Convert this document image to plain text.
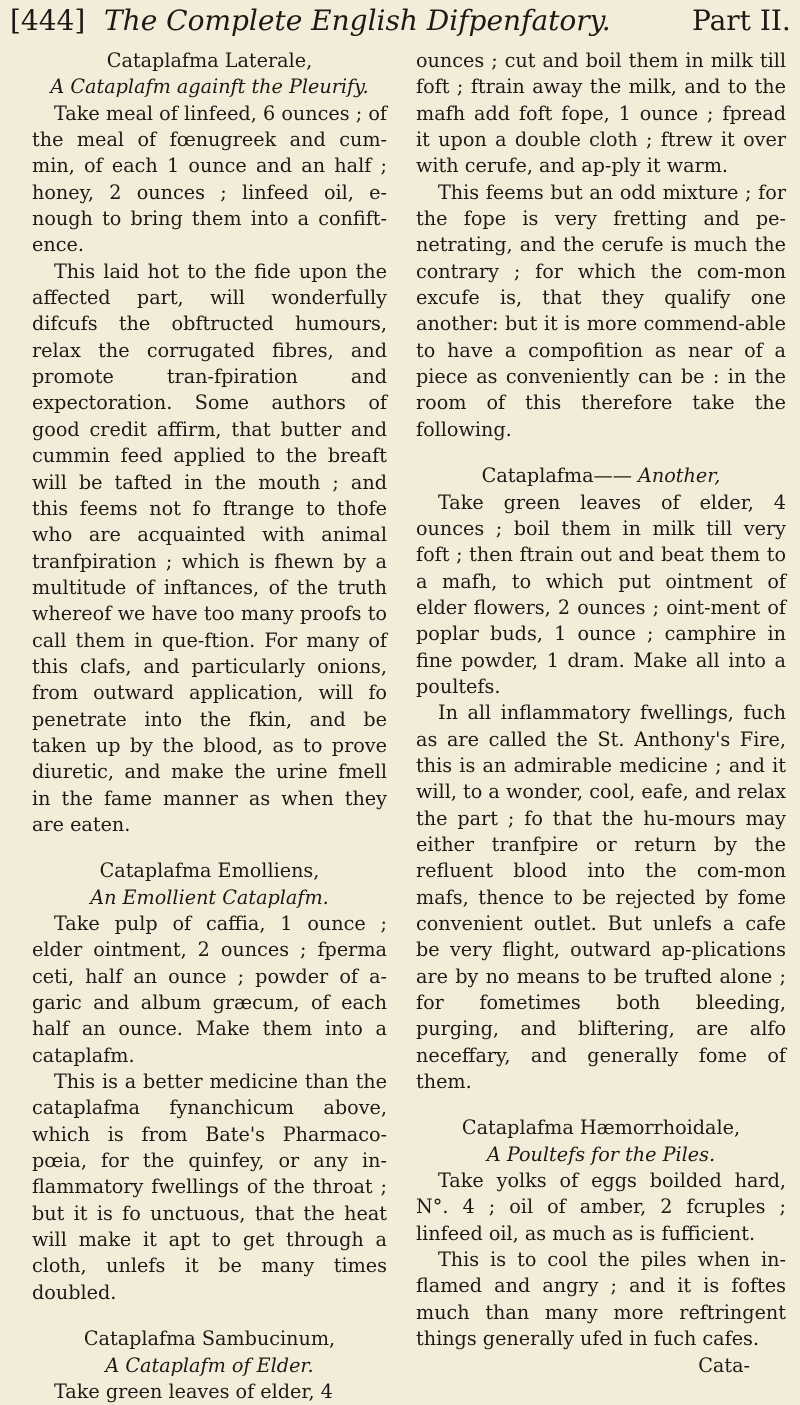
[444] The Complete English Difpenfatory.	Part II.

Cataplafma Laterale,

A Cataplafm againft the Pleurify.

Take meal of linfeed, 6 ounces ; of the meal of fœnugreek and cum-min, of each 1 ounce and an half ; honey, 2 ounces ; linfeed oil, e-nough to bring them into a confift-ence.

This laid hot to the fide upon the affected part, will wonderfully difcufs the obftructed humours, relax the corrugated fibres, and promote tran-fpiration and expectoration. Some authors of good credit affirm, that butter and cummin feed applied to the breaft will be tafted in the mouth ; and this feems not fo ftrange to thofe who are acquainted with animal tranfpiration ; which is fhewn by a multitude of inftances, of the truth whereof we have too many proofs to call them in que-ftion. For many of this clafs, and particularly onions, from outward application, will fo penetrate into the fkin, and be taken up by the blood, as to prove diuretic, and make the urine fmell in the fame manner as when they are eaten.

Cataplafma Emolliens,

An Emollient Cataplafm.

Take pulp of caffia, 1 ounce ; elder ointment, 2 ounces ; fperma ceti, half an ounce ; powder of a-garic and album græcum, of each half an ounce. Make them into a cataplafm.

This is a better medicine than the cataplafma fynanchicum above, which is from Bate's Pharmaco-pœia, for the quinfey, or any in-flammatory fwellings of the throat ; but it is fo unctuous, that the heat will make it apt to get through a cloth, unlefs it be many times doubled.

Cataplafma Sambucinum,

A Cataplafm of Elder.

Take green leaves of elder, 4

ounces ; cut and boil them in milk till foft ; ftrain away the milk, and to the mafh add foft fope, 1 ounce ; fpread it upon a double cloth ; ftrew it over with cerufe, and ap-ply it warm.

This feems but an odd mixture ; for the fope is very fretting and pe-netrating, and the cerufe is much the contrary ; for which the com-mon excufe is, that they qualify one another: but it is more commend-able to have a compofition as near of a piece as conveniently can be : in the room of this therefore take the following.

Cataplafma—— Another,

Take green leaves of elder, 4 ounces ; boil them in milk till very foft ; then ftrain out and beat them to a mafh, to which put ointment of elder flowers, 2 ounces ; oint-ment of poplar buds, 1 ounce ; camphire in fine powder, 1 dram. Make all into a poultefs.

In all inflammatory fwellings, fuch as are called the St. Anthony's Fire, this is an admirable medicine ; and it will, to a wonder, cool, eafe, and relax the part ; fo that the hu-mours may either tranfpire or return by the refluent blood into the com-mon mafs, thence to be rejected by fome convenient outlet. But unlefs a cafe be very flight, outward ap-plications are by no means to be trufted alone ; for fometimes both bleeding, purging, and bliftering, are alfo neceffary, and generally fome of them.

Cataplafma Hæmorrhoidale,

A Poultefs for the Piles.

Take yolks of eggs boilded hard, N°. 4 ; oil of amber, 2 fcruples ; linfeed oil, as much as is fufficient.

This is to cool the piles when in-flamed and angry ; and it is foftes much than many more reftringent things generally ufed in fuch cafes.

Cata-
